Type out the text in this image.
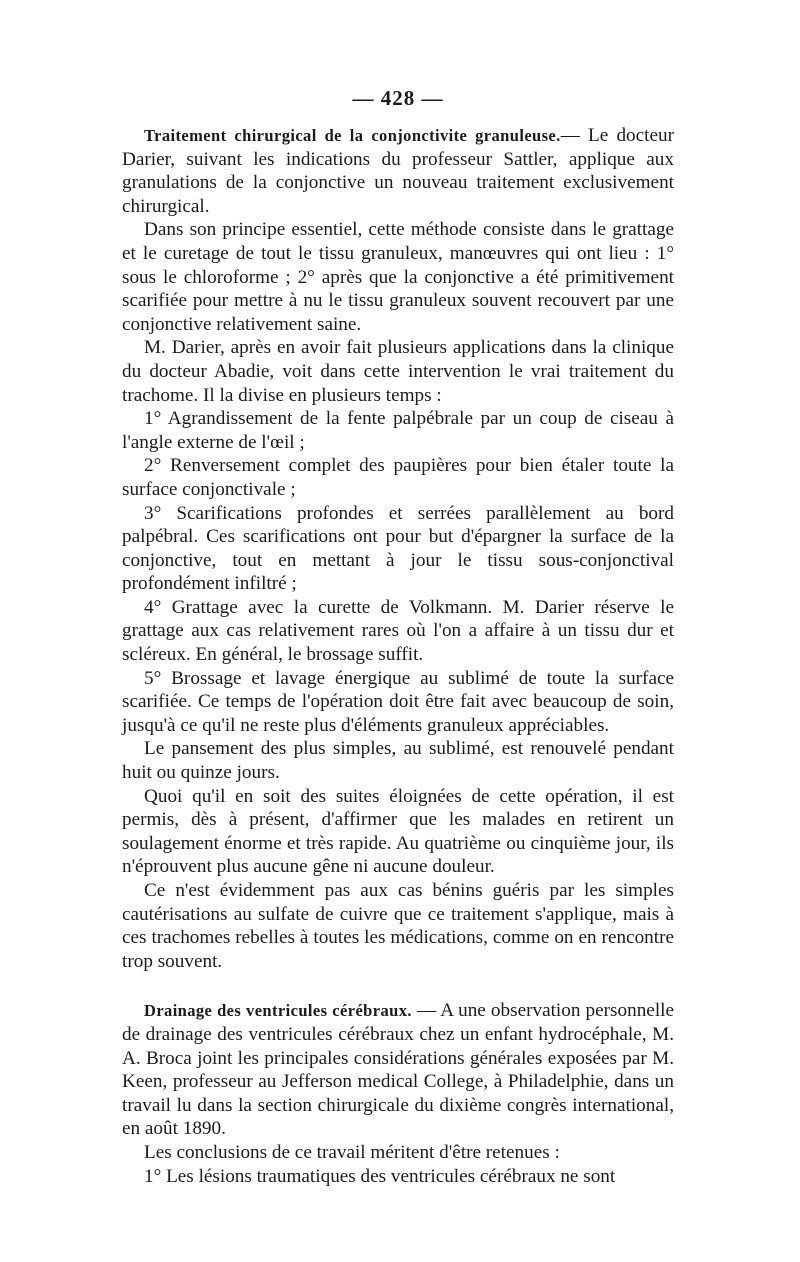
— 428 —

Traitement chirurgical de la conjonctivite granuleuse.— Le docteur Darier, suivant les indications du professeur Sattler, applique aux granulations de la conjonctive un nouveau traitement exclusivement chirurgical.

Dans son principe essentiel, cette méthode consiste dans le grattage et le curetage de tout le tissu granuleux, manœuvres qui ont lieu : 1° sous le chloroforme ; 2° après que la conjonctive a été primitivement scarifiée pour mettre à nu le tissu granuleux souvent recouvert par une conjonctive relativement saine.

M. Darier, après en avoir fait plusieurs applications dans la clinique du docteur Abadie, voit dans cette intervention le vrai traitement du trachome. Il la divise en plusieurs temps :

1° Agrandissement de la fente palpébrale par un coup de ciseau à l'angle externe de l'œil ;

2° Renversement complet des paupières pour bien étaler toute la surface conjonctivale ;

3° Scarifications profondes et serrées parallèlement au bord palpébral. Ces scarifications ont pour but d'épargner la surface de la conjonctive, tout en mettant à jour le tissu sous-conjonctival profondément infiltré ;

4° Grattage avec la curette de Volkmann. M. Darier réserve le grattage aux cas relativement rares où l'on a affaire à un tissu dur et scléreux. En général, le brossage suffit.

5° Brossage et lavage énergique au sublimé de toute la surface scarifiée. Ce temps de l'opération doit être fait avec beaucoup de soin, jusqu'à ce qu'il ne reste plus d'éléments granuleux appréciables.

Le pansement des plus simples, au sublimé, est renouvelé pendant huit ou quinze jours.

Quoi qu'il en soit des suites éloignées de cette opération, il est permis, dès à présent, d'affirmer que les malades en retirent un soulagement énorme et très rapide. Au quatrième ou cinquième jour, ils n'éprouvent plus aucune gêne ni aucune douleur.

Ce n'est évidemment pas aux cas bénins guéris par les simples cautérisations au sulfate de cuivre que ce traitement s'applique, mais à ces trachomes rebelles à toutes les médications, comme on en rencontre trop souvent.

Drainage des ventricules cérébraux. — A une observation personnelle de drainage des ventricules cérébraux chez un enfant hydrocéphale, M. A. Broca joint les principales considérations générales exposées par M. Keen, professeur au Jefferson medical College, à Philadelphie, dans un travail lu dans la section chirurgicale du dixième congrès international, en août 1890.

Les conclusions de ce travail méritent d'être retenues :

1° Les lésions traumatiques des ventricules cérébraux ne sont
